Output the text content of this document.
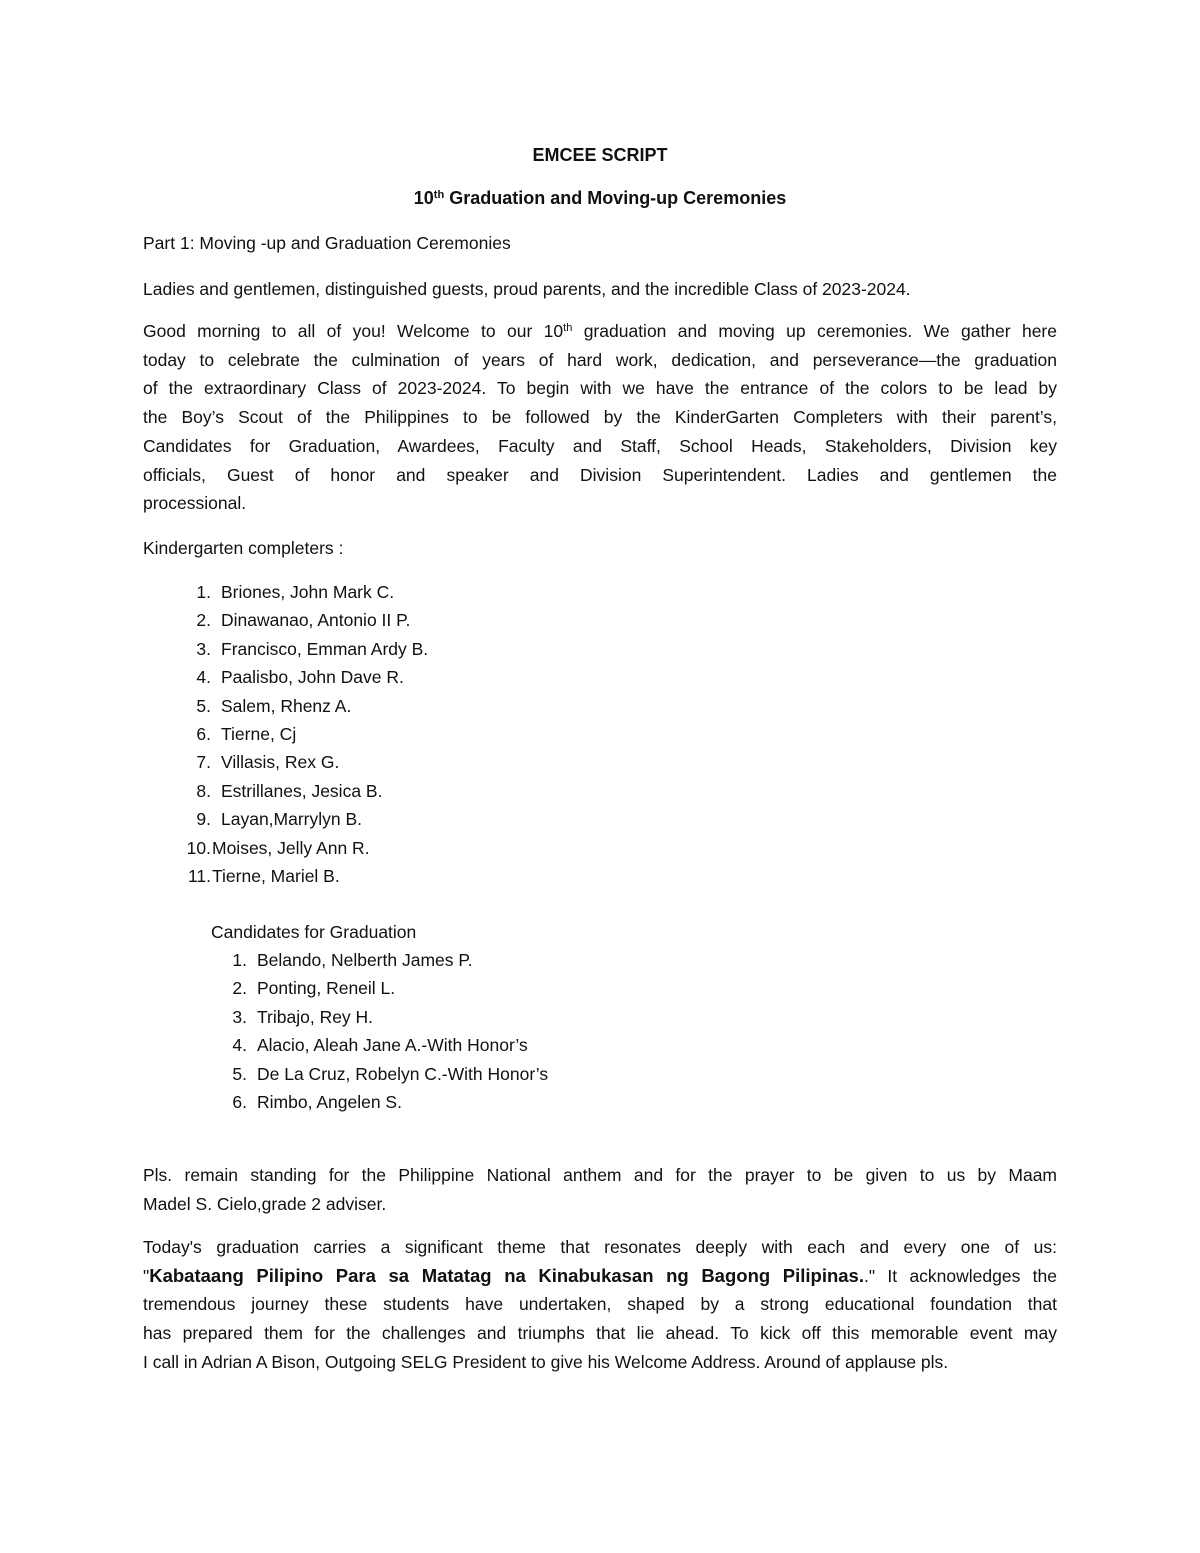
EMCEE SCRIPT
10th Graduation and Moving-up Ceremonies

Part 1: Moving -up and Graduation Ceremonies

Ladies and gentlemen, distinguished guests, proud parents, and the incredible Class of 2023-2024.

Good morning to all of you! Welcome to our 10th graduation and moving up ceremonies. We gather here
today to celebrate the culmination of years of hard work, dedication, and perseverance—the graduation
of the extraordinary Class of 2023-2024. To begin with we have the entrance of the colors to be lead by
the Boy’s Scout of the Philippines to be followed by the KinderGarten Completers with their parent’s,
Candidates for Graduation, Awardees, Faculty and Staff, School Heads, Stakeholders, Division key
officials, Guest of honor and speaker and Division Superintendent. Ladies and gentlemen the
processional.

Kindergarten completers :

1. Briones, John Mark C.
2. Dinawanao, Antonio II P.
3. Francisco, Emman Ardy B.
4. Paalisbo, John Dave R.
5. Salem, Rhenz A.
6. Tierne, Cj
7. Villasis, Rex G.
8. Estrillanes, Jesica B.
9. Layan,Marrylyn B.
10.Moises, Jelly Ann R.
11.Tierne, Mariel B.

Candidates for Graduation

1. Belando, Nelberth James P.
2. Ponting, Reneil L.
3. Tribajo, Rey H.
4. Alacio, Aleah Jane A.-With Honor’s
5. De La Cruz, Robelyn C.-With Honor’s
6. Rimbo, Angelen S.

Pls. remain standing for the Philippine National anthem and for the prayer to be given to us by Maam
Madel S. Cielo,grade 2 adviser.

Today's graduation carries a significant theme that resonates deeply with each and every one of us:
"Kabataang Pilipino Para sa Matatag na Kinabukasan ng Bagong Pilipinas.." It acknowledges the
tremendous journey these students have undertaken, shaped by a strong educational foundation that
has prepared them for the challenges and triumphs that lie ahead. To kick off this memorable event may
I call in Adrian A Bison, Outgoing SELG President to give his Welcome Address. Around of applause pls.
